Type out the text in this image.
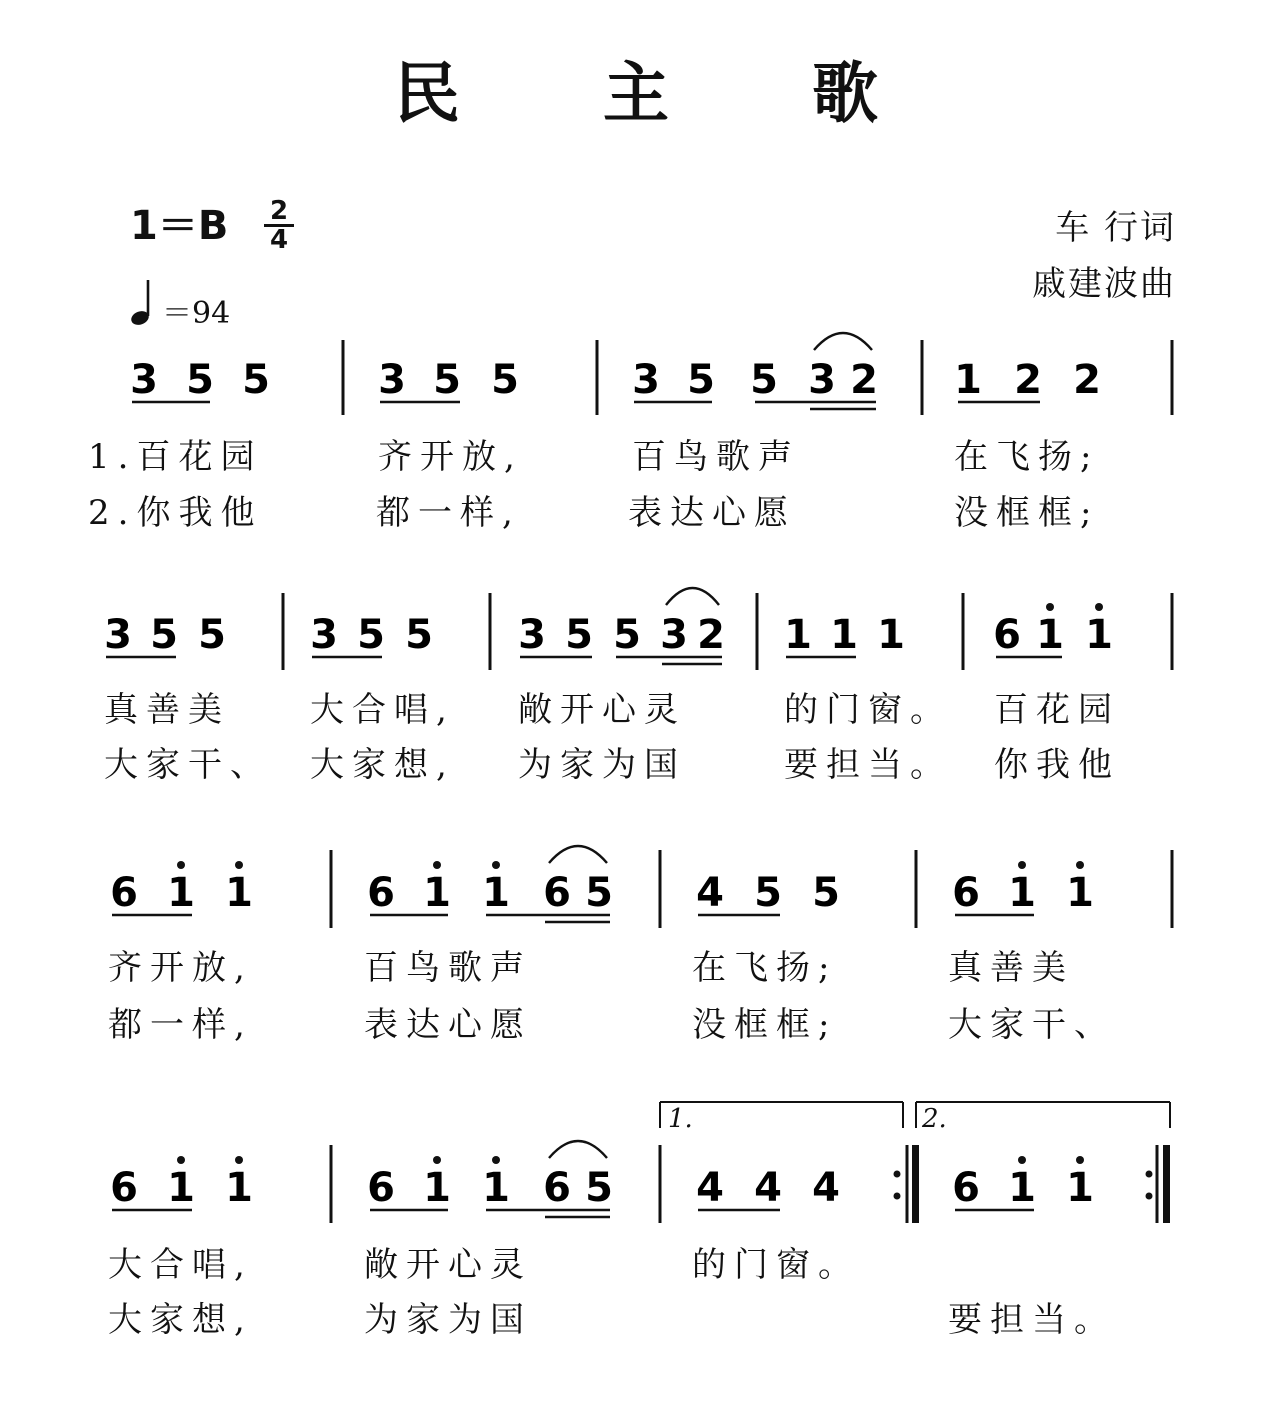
民 主 歌
1＝B 2
4
＝94
车 行词
戚建波曲
3 5 5	3 5 5	3 5 5 3 2 1 2 2
3 5 5 3 5 5 3 5 5 3 2 1 1 1 6 1 1
6 1 1	6 1 1 6 5 4 5 5	6 1 1
6 1 1	6 1 1 6 5 4 4 4	6 1 1
1.百花园	齐开放,	百鸟歌声	在飞扬;
2.你我他	都一样,	表达心愿	没框框;
真善美 大合唱, 敞开心灵	的门窗。 百花园
大家干、 大家想, 为家为国	要担当。 你我他
齐开放,	百鸟歌声	在飞扬;	真善美
都一样,	表达心愿	没框框;	大家干、
大合唱,	敞开心灵	的门窗。
大家想,	为家为国	要担当。
1.	2.
